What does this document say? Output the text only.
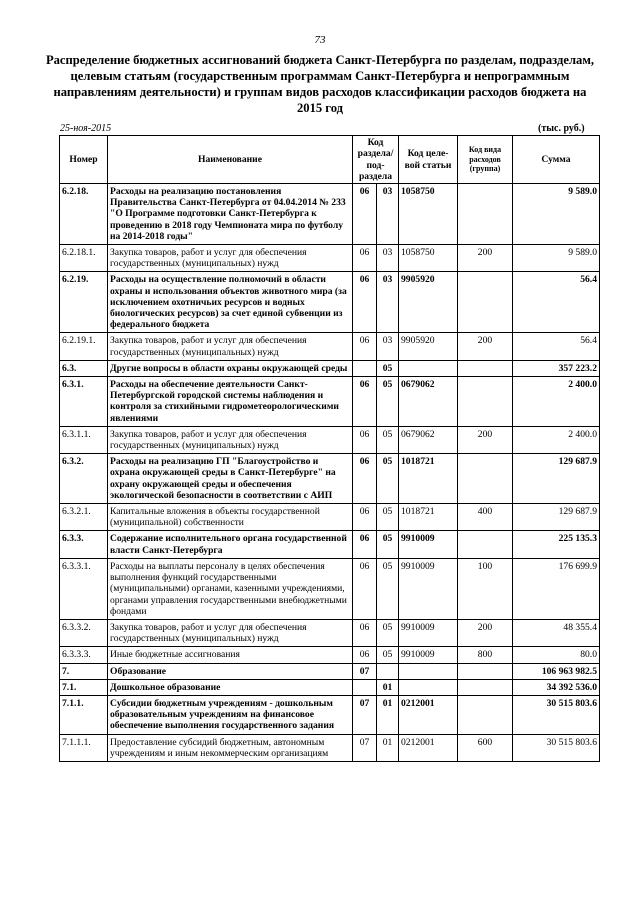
73
Распределение бюджетных ассигнований бюджета Санкт-Петербурга по разделам, подразделам, целевым статьям (государственным программам Санкт-Петербурга и непрограммным направлениям деятельности) и группам видов расходов классификации расходов бюджета на 2015 год
25-ноя-2015	(тыс. руб.)
Номер	Наименование	Код раздела/ под- раздела		Код целе- вой статьи	Код вида расходов (группа)	Сумма
6.2.18.	Расходы на реализацию постановления Правительства Санкт-Петербурга от 04.04.2014 № 233 "О Программе подготовки Санкт-Петербурга к проведению в 2018 году Чемпионата мира по футболу на 2014-2018 годы"	06	03	1058750		9 589.0
6.2.18.1.	Закупка товаров, работ и услуг для обеспечения государственных (муниципальных) нужд	06	03	1058750	200	9 589.0
6.2.19.	Расходы на осуществление полномочий в области охраны и использования объектов животного мира (за исключением охотничьих ресурсов и водных биологических ресурсов) за счет единой субвенции из федерального бюджета	06	03	9905920		56.4
6.2.19.1.	Закупка товаров, работ и услуг для обеспечения государственных (муниципальных) нужд	06	03	9905920	200	56.4
6.3.	Другие вопросы в области охраны окружающей среды		05			357 223.2
6.3.1.	Расходы на обеспечение деятельности Санкт-Петербургской городской системы наблюдения и контроля за стихийными гидрометеорологическими явлениями	06	05	0679062		2 400.0
6.3.1.1.	Закупка товаров, работ и услуг для обеспечения государственных (муниципальных) нужд	06	05	0679062	200	2 400.0
6.3.2.	Расходы на реализацию ГП "Благоустройство и охрана окружающей среды в Санкт-Петербурге" на охрану окружающей среды и обеспечения экологической безопасности в соответствии с АИП	06	05	1018721		129 687.9
6.3.2.1.	Капитальные вложения в объекты государственной (муниципальной) собственности	06	05	1018721	400	129 687.9
6.3.3.	Содержание исполнительного органа государственной власти Санкт-Петербурга	06	05	9910009		225 135.3
6.3.3.1.	Расходы на выплаты персоналу в целях обеспечения выполнения функций государственными (муниципальными) органами, казенными учреждениями, органами управления государственными внебюджетными фондами	06	05	9910009	100	176 699.9
6.3.3.2.	Закупка товаров, работ и услуг для обеспечения государственных (муниципальных) нужд	06	05	9910009	200	48 355.4
6.3.3.3.	Иные бюджетные ассигнования	06	05	9910009	800	80.0
7.	Образование	07				106 963 982.5
7.1.	Дошкольное образование		01			34 392 536.0
7.1.1.	Субсидии бюджетным учреждениям - дошкольным образовательным учреждениям на финансовое обеспечение выполнения государственного задания	07	01	0212001		30 515 803.6
7.1.1.1.	Предоставление субсидий бюджетным, автономным учреждениям и иным некоммерческим организациям	07	01	0212001	600	30 515 803.6
